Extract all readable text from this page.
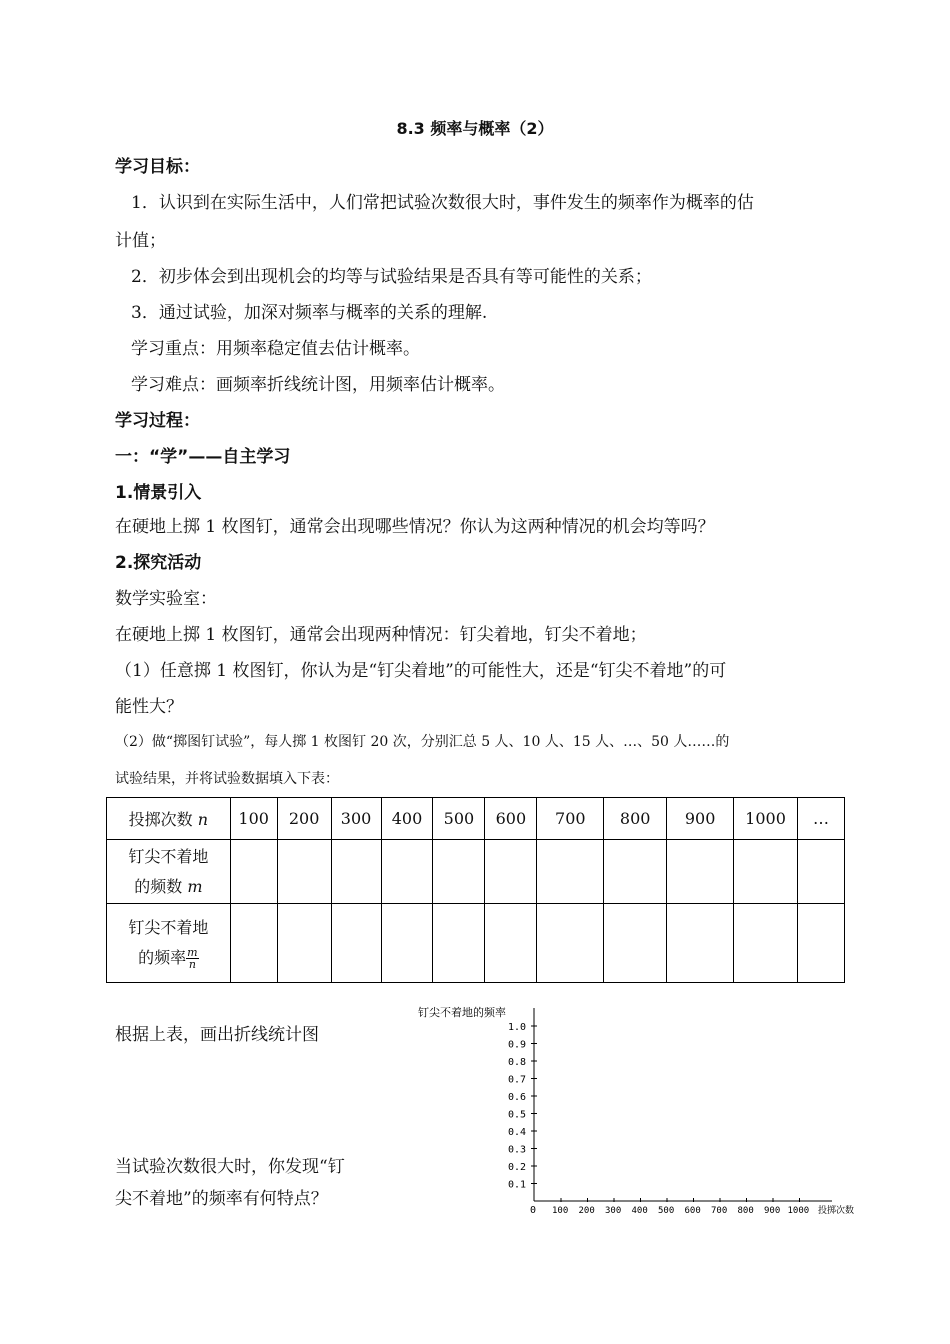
8.3 频率与概率（2）
学习目标：
1．认识到在实际生活中，人们常把试验次数很大时，事件发生的频率作为概率的估
计值；
2．初步体会到出现机会的均等与试验结果是否具有等可能性的关系；
3．通过试验，加深对频率与概率的关系的理解.
学习重点：用频率稳定值去估计概率。
学习难点：画频率折线统计图，用频率估计概率。
学习过程：
一：“学”——自主学习
1.情景引入
在硬地上掷 1 枚图钉，通常会出现哪些情况？你认为这两种情况的机会均等吗？
2.探究活动
数学实验室：
在硬地上掷 1 枚图钉，通常会出现两种情况：钉尖着地，钉尖不着地；
（1）任意掷 1 枚图钉，你认为是“钉尖着地”的可能性大，还是“钉尖不着地”的可
能性大？
（2）做“掷图钉试验”，每人掷 1 枚图钉 20 次，分别汇总 5 人、10 人、15 人、…、50 人……的
试验结果，并将试验数据填入下表：
投掷次数 n	100	200	300	400	500	600	700	800	900	1000	…

钉尖不着地
的频数 m											

钉尖不着地
的频率 $\frac{m}{n}$

根据上表，画出折线统计图
当试验次数很大时，你发现“钉
尖不着地”的频率有何特点？
钉尖不着地的频率
0	投掷次数
0.1
0.2
0.3
0.4
0.5
0.6
0.7
0.8
0.9
1.0
100 200 300 400 500 600 700 800 900 1000
